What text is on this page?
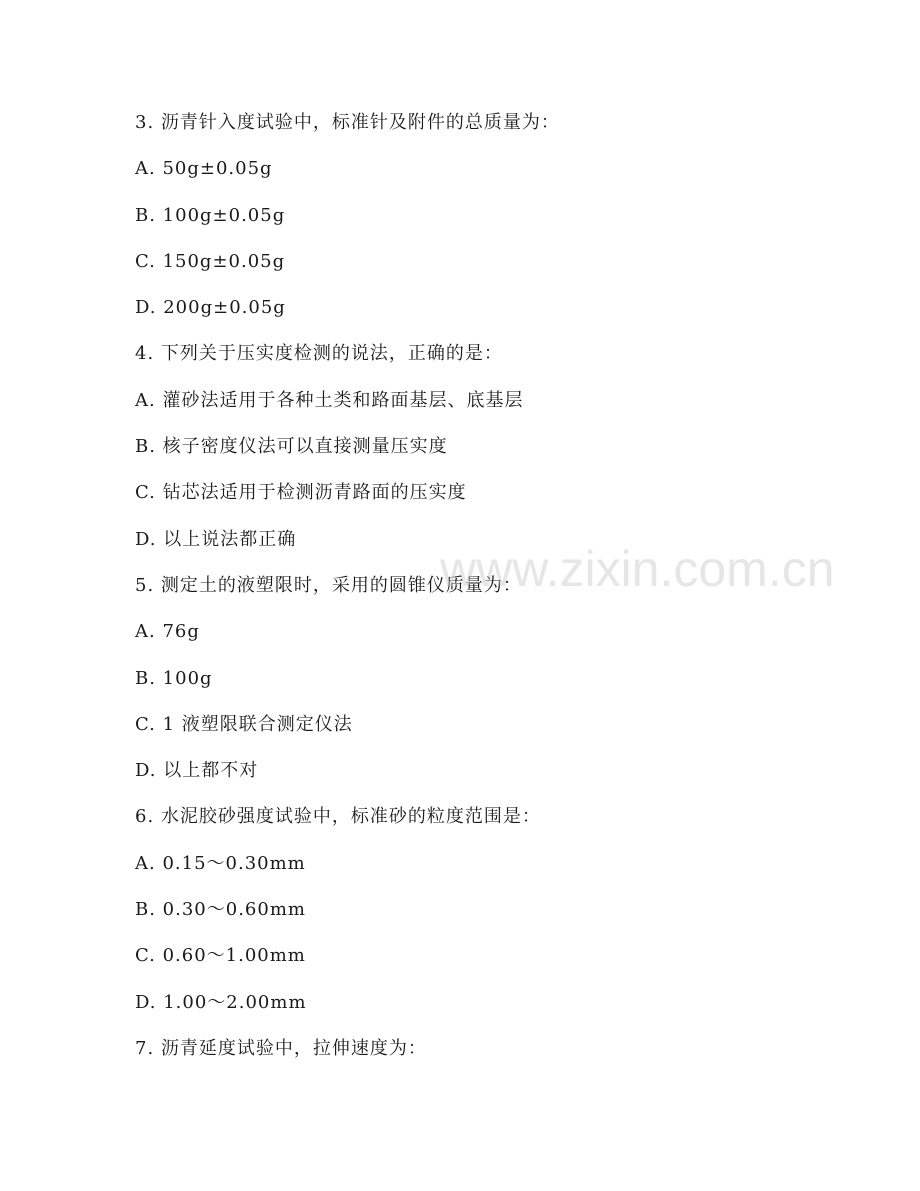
3. 沥青针入度试验中，标准针及附件的总质量为：
A. 50g±0.05g
B. 100g±0.05g
C. 150g±0.05g
D. 200g±0.05g
4. 下列关于压实度检测的说法，正确的是：
A. 灌砂法适用于各种土类和路面基层、底基层
B. 核子密度仪法可以直接测量压实度
C. 钻芯法适用于检测沥青路面的压实度
D. 以上说法都正确
5. 测定土的液塑限时，采用的圆锥仪质量为：
A. 76g
B. 100g
C. 1 液塑限联合测定仪法
D. 以上都不对
6. 水泥胶砂强度试验中，标准砂的粒度范围是：
A. 0.15～0.30mm
B. 0.30～0.60mm
C. 0.60～1.00mm
D. 1.00～2.00mm
7. 沥青延度试验中，拉伸速度为：
www.zixin.com.cn
